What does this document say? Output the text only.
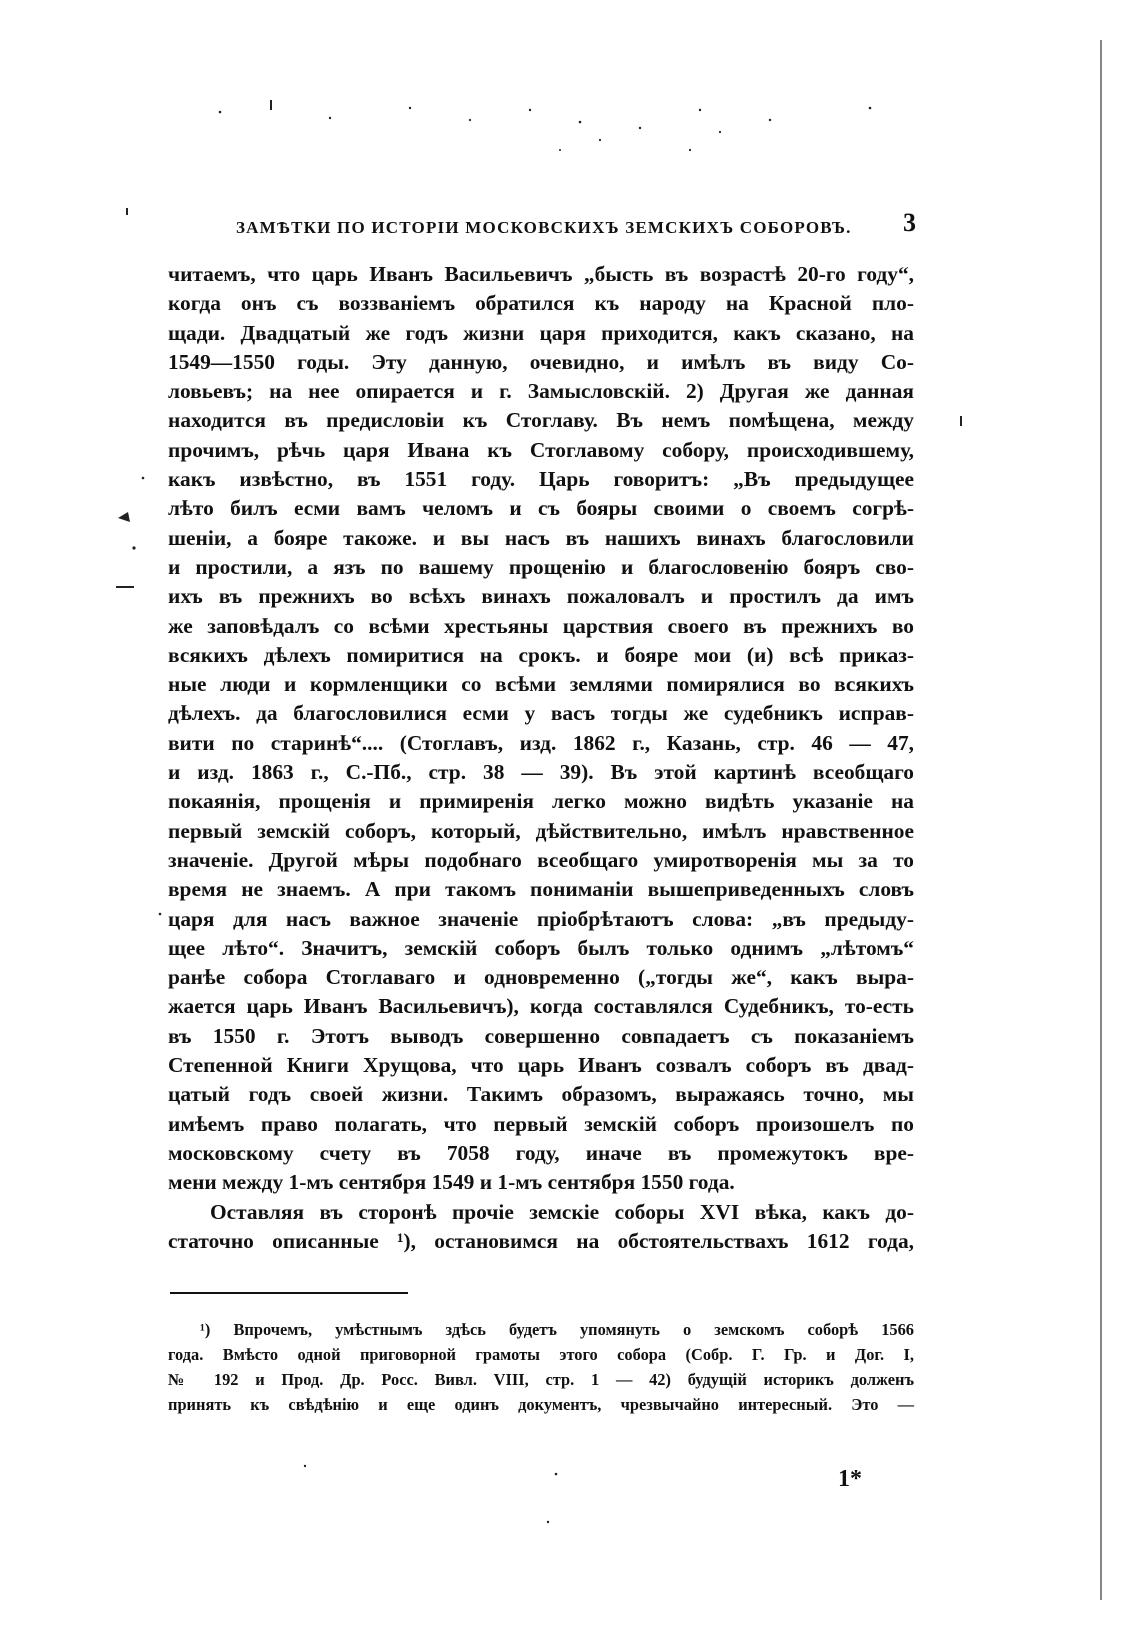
ЗАМѢТКИ ПО ИСТОРІИ МОСКОВСКИХЪ ЗЕМСКИХЪ СОБОРОВЪ. 3
читаемъ, что царь Иванъ Васильевичъ „бысть въ возрастѣ 20-го году“,
когда онъ съ воззваніемъ обратился къ народу на Красной пло-
щади. Двадцатый же годъ жизни царя приходится, какъ сказано, на
1549—1550 годы. Эту данную, очевидно, и имѣлъ въ виду Со-
ловьевъ; на нее опирается и г. Замысловскій. 2) Другая же данная
находится въ предисловіи къ Стоглаву. Въ немъ помѣщена, между
прочимъ, рѣчь царя Ивана къ Стоглавому собору, происходившему,
какъ извѣстно, въ 1551 году. Царь говоритъ: „Въ предыдущее
лѣто билъ есми вамъ челомъ и съ бояры своими о своемъ согрѣ-
шеніи, а бояре такоже. и вы насъ въ нашихъ винахъ благословили
и простили, а язъ по вашему прощенію и благословенію бояръ сво-
ихъ въ прежнихъ во всѣхъ винахъ пожаловалъ и простилъ да имъ
же заповѣдалъ со всѣми хрестьяны царствия своего въ прежнихъ во
всякихъ дѣлехъ помиритися на срокъ. и бояре мои (и) всѣ приказ-
ные люди и кормленщики со всѣми землями помирялися во всякихъ
дѣлехъ. да благословилися есми у васъ тогды же судебникъ исправ-
вити по старинѣ“.... (Стоглавъ, изд. 1862 г., Казань, стр. 46 — 47,
и изд. 1863 г., С.-Пб., стр. 38 — 39). Въ этой картинѣ всеобщаго
покаянія, прощенія и примиренія легко можно видѣть указаніе на
первый земскій соборъ, который, дѣйствительно, имѣлъ нравственное
значеніе. Другой мѣры подобнаго всеобщаго умиротворенія мы за то
время не знаемъ. А при такомъ пониманіи вышеприведенныхъ словъ
царя для насъ важное значеніе пріобрѣтаютъ слова: „въ предыду-
щее лѣто“. Значитъ, земскій соборъ былъ только однимъ „лѣтомъ“
ранѣе собора Стоглаваго и одновременно („тогды же“, какъ выра-
жается царь Иванъ Васильевичъ), когда составлялся Судебникъ, то-есть
въ 1550 г. Этотъ выводъ совершенно совпадаетъ съ показаніемъ
Степенной Книги Хрущова, что царь Иванъ созвалъ соборъ въ двад-
цатый годъ своей жизни. Такимъ образомъ, выражаясь точно, мы
имѣемъ право полагать, что первый земскій соборъ произошелъ по
московскому счету въ 7058 году, иначе въ промежутокъ вре-
мени между 1-мъ сентября 1549 и 1-мъ сентября 1550 года.
Оставляя въ сторонѣ прочіе земскіе соборы XVI вѣка, какъ до-
статочно описанные ¹), остановимся на обстоятельствахъ 1612 года,
¹) Впрочемъ, умѣстнымъ здѣсь будетъ упомянуть о земскомъ соборѣ 1566
года. Вмѣсто одной приговорной грамоты этого собора (Собр. Г. Гр. и Дог. I,
№ 192 и Прод. Др. Росс. Вивл. VIII, стр. 1 — 42) будущій историкъ долженъ
принять къ свѣдѣнію и еще одинъ документъ, чрезвычайно интересный. Это —
1*
